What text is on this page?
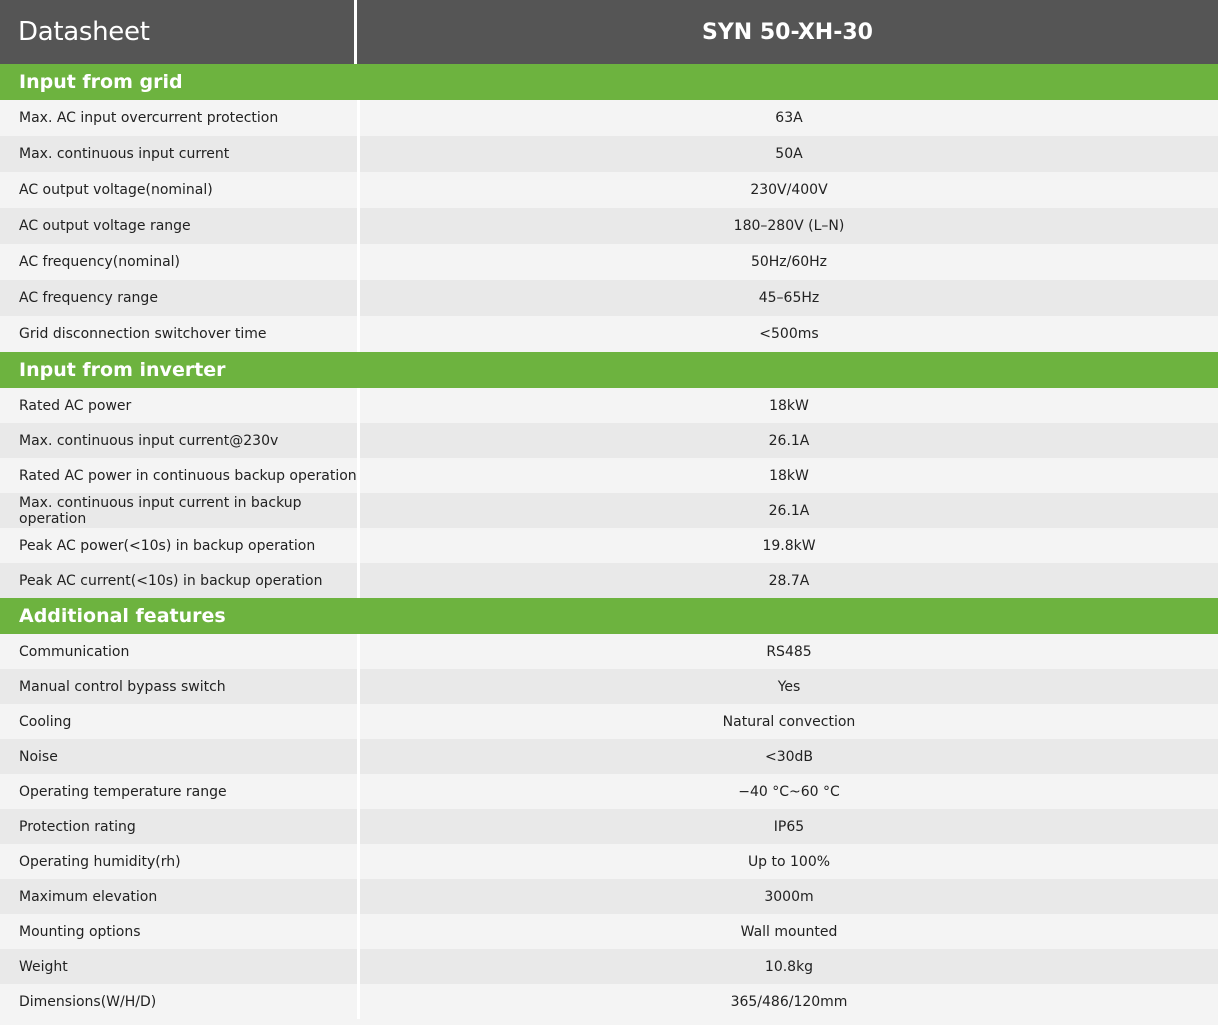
Datasheet	SYN 50-XH-30
Input from grid
Max. AC input overcurrent protection	63A
Max. continuous input current	50A
AC output voltage(nominal)	230V/400V
AC output voltage range	180–280V (L–N)
AC frequency(nominal)	50Hz/60Hz
AC frequency range	45–65Hz
Grid disconnection switchover time	<500ms
Input from inverter
Rated AC power	18kW
Max. continuous input current@230v	26.1A
Rated AC power in continuous backup operation	18kW
Max. continuous input current in backup operation	26.1A
Peak AC power(<10s) in backup operation	19.8kW
Peak AC current(<10s) in backup operation	28.7A
Additional features
Communication	RS485
Manual control bypass switch	Yes
Cooling	Natural convection
Noise	<30dB
Operating temperature range	−40 °C~60 °C
Protection rating	IP65
Operating humidity(rh)	Up to 100%
Maximum elevation	3000m
Mounting options	Wall mounted
Weight	10.8kg
Dimensions(W/H/D)	365/486/120mm
